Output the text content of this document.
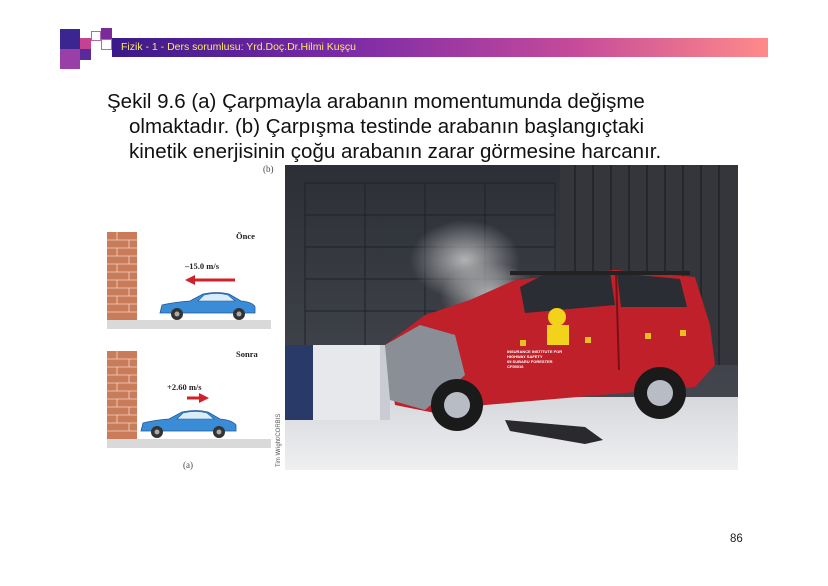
Fizik - 1 - Ders sorumlusu: Yrd.Doç.Dr.Hilmi Kuşçu
Şekil 9.6 (a) Çarpmayla arabanın momentumunda değişme
olmaktadır. (b) Çarpışma testinde arabanın başlangıçtaki
kinetik enerjisinin çoğu arabanın zarar görmesine harcanır.
(b)
Önce
–15.0 m/s
Sonra
+2.60 m/s
(a)	Tim Wright/CORBIS
INSURANCE INSTITUTE FOR HIGHWAY SAFETY
05 SUBARU FORESTER
CF05016
86
